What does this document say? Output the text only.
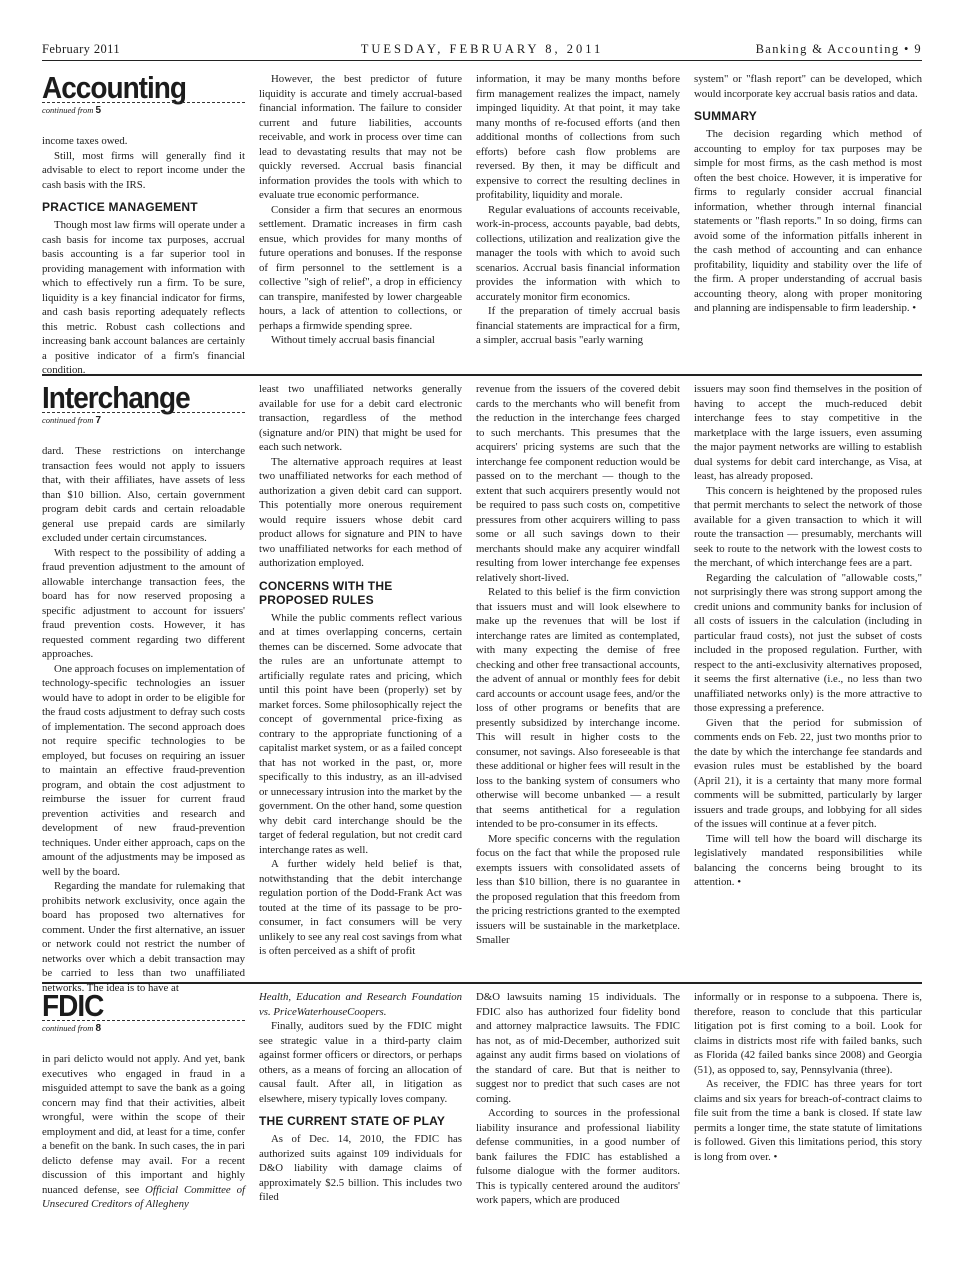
February 2011	TUESDAY, FEBRUARY 8, 2011	Banking & Accounting • 9
Accounting
continued from 5

income taxes owed.

Still, most firms will generally find it advisable to elect to report income under the cash basis with the IRS.

PRACTICE MANAGEMENT

Though most law firms will operate under a cash basis for income tax purposes, accrual basis accounting is a far superior tool in providing management with information with which to effectively run a firm. To be sure, liquidity is a key financial indicator for firms, and cash basis reporting adequately reflects this metric. Robust cash collections and increasing bank account balances are certainly a positive indicator of a firm's financial condition.

However, the best predictor of future liquidity is accurate and timely accrual-based financial information. The failure to consider current and future liabilities, accounts receivable, and work in process over time can lead to devastating results that may not be quickly reversed. Accrual basis financial information provides the tools with which to evaluate true economic performance.

Consider a firm that secures an enormous settlement. Dramatic increases in firm cash ensue, which provides for many months of future operations and bonuses. If the response of firm personnel to the settlement is a collective "sigh of relief", a drop in efficiency can transpire, manifested by lower chargeable hours, a lack of attention to collections, or perhaps a firmwide spending spree.

Without timely accrual basis financial

information, it may be many months before firm management realizes the impact, namely impinged liquidity. At that point, it may take many months of re-focused efforts (and then additional months of collections from such efforts) before cash flow problems are reversed. By then, it may be difficult and expensive to correct the resulting declines in profitability, liquidity and morale.

Regular evaluations of accounts receivable, work-in-process, accounts payable, bad debts, collections, utilization and realization give the manager the tools with which to avoid such scenarios. Accrual basis financial information provides the information with which to accurately monitor firm economics.

If the preparation of timely accrual basis financial statements are impractical for a firm, a simpler, accrual basis "early warning

system" or "flash report" can be developed, which would incorporate key accrual basis ratios and data.

SUMMARY

The decision regarding which method of accounting to employ for tax purposes may be simple for most firms, as the cash method is most often the best choice. However, it is imperative for firms to regularly consider accrual financial information, whether through internal financial statements or "flash reports." In so doing, firms can avoid some of the information pitfalls inherent in the cash method of accounting and can enhance profitability, liquidity and stability over the life of the firm. A proper understanding of accrual basis accounting theory, along with proper monitoring and planning are indispensable to firm leadership. •

Interchange
continued from 7

dard. These restrictions on interchange transaction fees would not apply to issuers that, with their affiliates, have assets of less than $10 billion. Also, certain government program debit cards and certain reloadable general use prepaid cards are similarly excluded under certain circumstances.

With respect to the possibility of adding a fraud prevention adjustment to the amount of allowable interchange transaction fees, the board has for now reserved proposing a specific adjustment to account for issuers' fraud prevention costs. However, it has requested comment regarding two different approaches.

One approach focuses on implementation of technology-specific technologies an issuer would have to adopt in order to be eligible for the fraud costs adjustment to defray such costs of implementation. The second approach does not require specific technologies to be employed, but focuses on requiring an issuer to maintain an effective fraud-prevention program, and obtain the cost adjustment to reimburse the issuer for current fraud prevention activities and research and development of new fraud-prevention techniques. Under either approach, caps on the amount of the adjustments may be imposed as well by the board.

Regarding the mandate for rulemaking that prohibits network exclusivity, once again the board has proposed two alternatives for comment. Under the first alternative, an issuer or network could not restrict the number of networks over which a debit transaction may be carried to less than two unaffiliated networks. The idea is to have at

least two unaffiliated networks generally available for use for a debit card electronic transaction, regardless of the method (signature and/or PIN) that might be used for each such network.

The alternative approach requires at least two unaffiliated networks for each method of authorization a given debit card can support. This potentially more onerous requirement would require issuers whose debit card product allows for signature and PIN to have two unaffiliated networks for each method of authorization employed.

CONCERNS WITH THE PROPOSED RULES

While the public comments reflect various and at times overlapping concerns, certain themes can be discerned. Some advocate that the rules are an unfortunate attempt to artificially regulate rates and pricing, which until this point have been (properly) set by market forces. Some philosophically reject the concept of governmental price-fixing as contrary to the appropriate functioning of a capitalist market system, or as a failed concept that has not worked in the past, or, more specifically to this industry, as an ill-advised or unnecessary intrusion into the market by the government. On the other hand, some question why debit card interchange should be the target of federal regulation, but not credit card interchange rates as well.

A further widely held belief is that, notwithstanding that the debit interchange regulation portion of the Dodd-Frank Act was touted at the time of its passage to be pro-consumer, in fact consumers will be very unlikely to see any real cost savings from what is often perceived as a shift of profit

revenue from the issuers of the covered debit cards to the merchants who will benefit from the reduction in the interchange fees charged to such merchants. This presumes that the acquirers' pricing systems are such that the interchange fee component reduction would be passed on to the merchant — though to the extent that such acquirers presently would not be required to pass such costs on, competitive pressures from other acquirers willing to pass some or all such savings down to their merchants should make any acquirer windfall resulting from lower interchange fee expenses relatively short-lived.

Related to this belief is the firm conviction that issuers must and will look elsewhere to make up the revenues that will be lost if interchange rates are limited as contemplated, with many expecting the demise of free checking and other free transactional accounts, the advent of annual or monthly fees for debit card accounts or account usage fees, and/or the loss of other programs or benefits that are presently subsidized by interchange income. This will result in higher costs to the consumer, not savings. Also foreseeable is that these additional or higher fees will result in the loss to the banking system of consumers who otherwise will become unbanked — a result that seems antithetical for a regulation intended to be pro-consumer in its effects.

More specific concerns with the regulation focus on the fact that while the proposed rule exempts issuers with consolidated assets of less than $10 billion, there is no guarantee in the proposed regulation that this freedom from the pricing restrictions granted to the exempted issuers will be sustainable in the marketplace. Smaller

issuers may soon find themselves in the position of having to accept the much-reduced debit interchange fees to stay competitive in the marketplace with the large issuers, even assuming the major payment networks are willing to establish dual systems for debit card interchange, as Visa, at least, has already proposed.

This concern is heightened by the proposed rules that permit merchants to select the network of those available for a given transaction to which it will route the transaction — presumably, merchants will seek to route to the network with the lowest costs to the merchant, of which interchange fees are a part.

Regarding the calculation of "allowable costs," not surprisingly there was strong support among the credit unions and community banks for inclusion of all costs of issuers in the calculation (including in particular fraud costs), not just the subset of costs included in the proposed regulation. Further, with respect to the anti-exclusivity alternatives proposed, it seems the first alternative (i.e., no less than two unaffiliated networks only) is the more attractive to those expressing a preference.

Given that the period for submission of comments ends on Feb. 22, just two months prior to the date by which the interchange fee standards and evasion rules must be established by the board (April 21), it is a certainty that many more formal comments will be submitted, particularly by larger issuers and trade groups, and lobbying for all sides of the issues will continue at a fever pitch.

Time will tell how the board will discharge its legislatively mandated responsibilities while balancing the concerns being brought to its attention. •

FDIC
continued from 8

in pari delicto would not apply. And yet, bank executives who engaged in fraud in a misguided attempt to save the bank as a going concern may find that their activities, albeit wrongful, were within the scope of their employment and did, at least for a time, confer a benefit on the bank. In such cases, the in pari delicto defense may avail. For a recent discussion of this important and highly nuanced defense, see Official Committee of Unsecured Creditors of Allegheny

Health, Education and Research Foundation vs. PriceWaterhouseCoopers.

Finally, auditors sued by the FDIC might see strategic value in a third-party claim against former officers or directors, or perhaps others, as a means of forcing an allocation of causal fault. After all, in litigation as elsewhere, misery typically loves company.

THE CURRENT STATE OF PLAY

As of Dec. 14, 2010, the FDIC has authorized suits against 109 individuals for D&O liability with damage claims of approximately $2.5 billion. This includes two filed

D&O lawsuits naming 15 individuals. The FDIC also has authorized four fidelity bond and attorney malpractice lawsuits. The FDIC has not, as of mid-December, authorized suit against any audit firms based on violations of the standard of care. But that is neither to suggest nor to predict that such cases are not coming.

According to sources in the professional liability insurance and professional liability defense communities, in a good number of bank failures the FDIC has established a fulsome dialogue with the former auditors. This is typically centered around the auditors' work papers, which are produced

informally or in response to a subpoena. There is, therefore, reason to conclude that this particular litigation pot is first coming to a boil. Look for claims in districts most rife with failed banks, such as Florida (42 failed banks since 2008) and Georgia (51), as opposed to, say, Pennsylvania (three).

As receiver, the FDIC has three years for tort claims and six years for breach-of-contract claims to file suit from the time a bank is closed. If state law permits a longer time, the state statute of limitations is followed. Given this limitations period, this story is long from over. •
